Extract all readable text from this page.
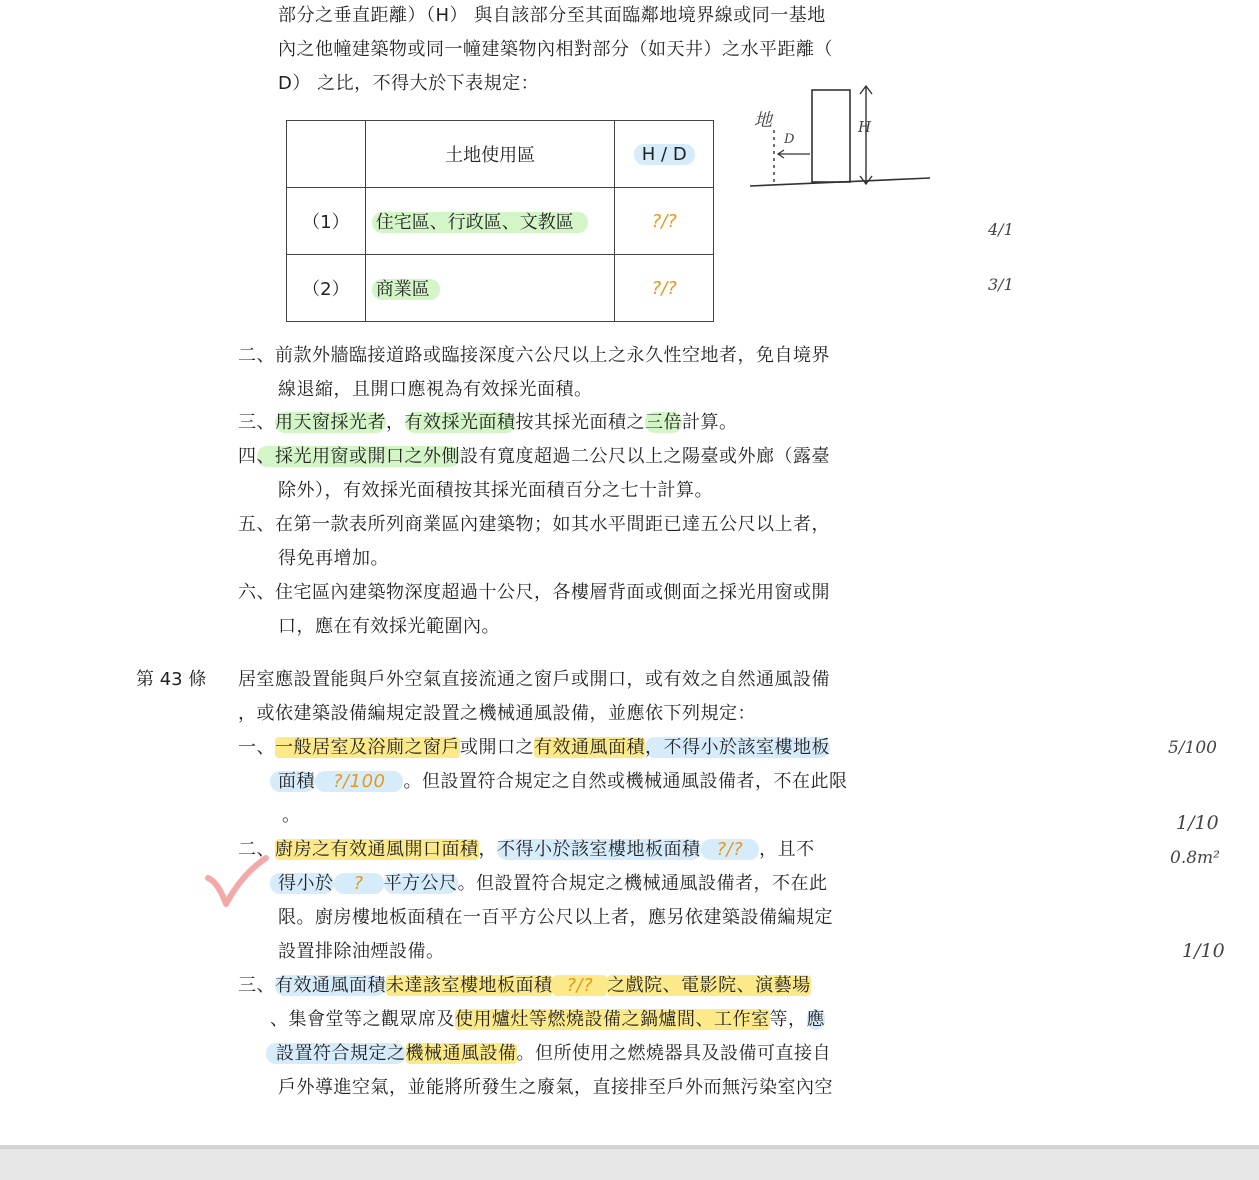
部分之垂直距離）（H） 與自該部分至其面臨鄰地境界線或同一基地
內之他幢建築物或同一幢建築物內相對部分（如天井）之水平距離（
D） 之比，不得大於下表規定：
	土地使用區	H / D
（1）	住宅區、行政區、文教區	?/?
（2）	商業區	?/?
地
D
H
4/1
3/1
5/100
1/10
0.8m²
1/10
二、前款外牆臨接道路或臨接深度六公尺以上之永久性空地者，免自境界
線退縮，且開口應視為有效採光面積。
三、用天窗採光者，有效採光面積按其採光面積之三倍計算。
四、採光用窗或開口之外側設有寬度超過二公尺以上之陽臺或外廊（露臺
除外），有效採光面積按其採光面積百分之七十計算。
五、在第一款表所列商業區內建築物；如其水平間距已達五公尺以上者，
得免再增加。
六、住宅區內建築物深度超過十公尺，各樓層背面或側面之採光用窗或開
口，應在有效採光範圍內。
第 43 條 居室應設置能與戶外空氣直接流通之窗戶或開口，或有效之自然通風設備
，或依建築設備編規定設置之機械通風設備，並應依下列規定：
一、一般居室及浴廁之窗戶或開口之有效通風面積，不得小於該室樓地板
面積 ?/100 。但設置符合規定之自然或機械通風設備者，不在此限
。
二、廚房之有效通風開口面積，不得小於該室樓地板面積 ?/? ，且不
得小於 ? 平方公尺。但設置符合規定之機械通風設備者，不在此
限。廚房樓地板面積在一百平方公尺以上者，應另依建築設備編規定
設置排除油煙設備。
三、有效通風面積未達該室樓地板面積 ?/? 之戲院、電影院、演藝場
、集會堂等之觀眾席及使用爐灶等燃燒設備之鍋爐間、工作室等，應
設置符合規定之機械通風設備。但所使用之燃燒器具及設備可直接自
戶外導進空氣，並能將所發生之廢氣，直接排至戶外而無污染室內空
